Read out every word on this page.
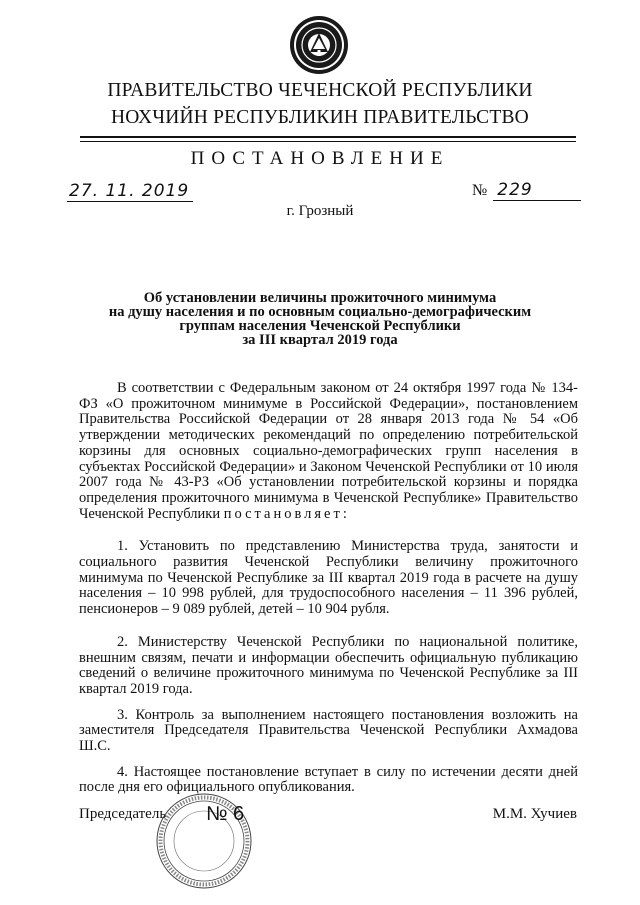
ПРАВИТЕЛЬСТВО ЧЕЧЕНСКОЙ РЕСПУБЛИКИ
НОХЧИЙН РЕСПУБЛИКИН ПРАВИТЕЛЬСТВО
ПОСТАНОВЛЕНИЕ
27. 11. 2019	№ 229
г. Грозный
Об установлении величины прожиточного минимума
на душу населения и по основным социально-демографическим
группам населения Чеченской Республики
за III квартал 2019 года

В соответствии с Федеральным законом от 24 октября 1997 года № 134-ФЗ «О прожиточном минимуме в Российской Федерации», постановлением Правительства Российской Федерации от 28 января 2013 года № 54 «Об утверждении методических рекомендаций по определению потребительской корзины для основных социально-демографических групп населения в субъектах Российской Федерации» и Законом Чеченской Республики от 10 июля 2007 года № 43-РЗ «Об установлении потребительской корзины и порядка определения прожиточного минимума в Чеченской Республике» Правительство Чеченской Республики постановляет:

1. Установить по представлению Министерства труда, занятости и социального развития Чеченской Республики величину прожиточного минимума по Чеченской Республике за III квартал 2019 года в расчете на душу населения – 10 998 рублей, для трудоспособного населения – 11 396 рублей, пенсионеров – 9 089 рублей, детей – 10 904 рубля.

2. Министерству Чеченской Республики по национальной политике, внешним связям, печати и информации обеспечить официальную публикацию сведений о величине прожиточного минимума по Чеченской Республике за III квартал 2019 года.

3. Контроль за выполнением настоящего постановления возложить на заместителя Председателя Правительства Чеченской Республики Ахмадова Ш.С.

4. Настоящее постановление вступает в силу по истечении десяти дней после дня его официального опубликования.

№ 6
Председатель	М.М. Хучиев
